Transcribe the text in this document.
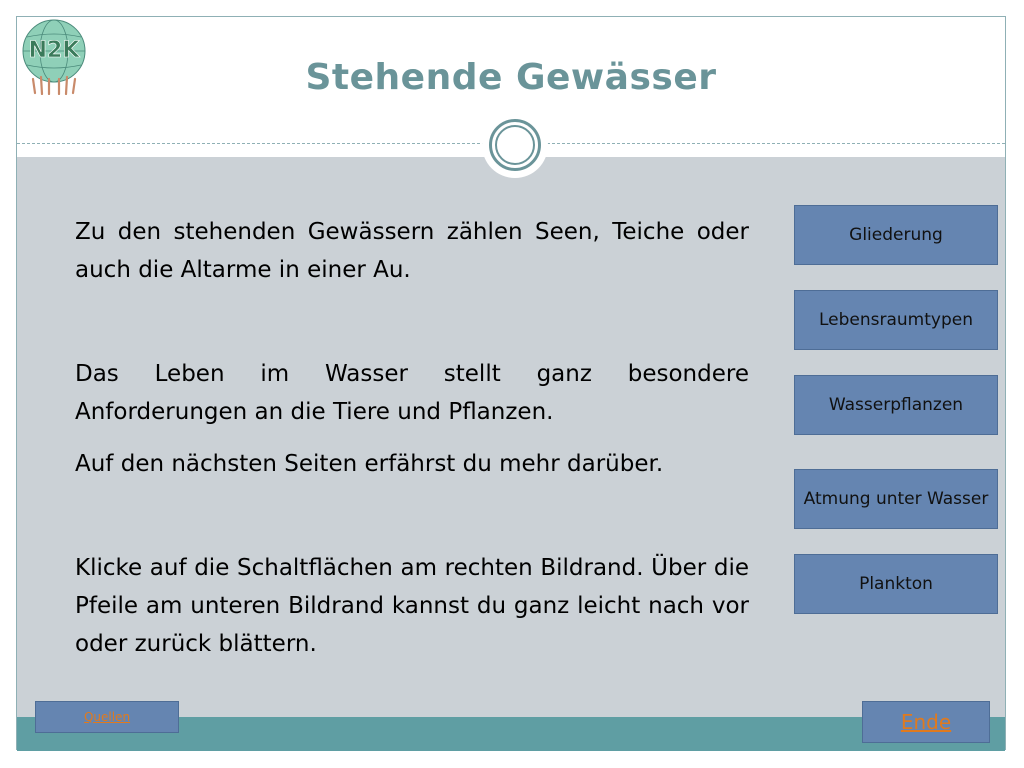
N2K
Stehende Gewässer

Zu den stehenden Gewässern zählen Seen, Teiche oder auch die Altarme in einer Au.

Das Leben im Wasser stellt ganz besondere Anforderungen an die Tiere und Pflanzen.

Auf den nächsten Seiten erfährst du mehr darüber.

Klicke auf die Schaltflächen am rechten Bildrand. Über die Pfeile am unteren Bildrand kannst du ganz leicht nach vor oder zurück blättern.

Gliederung
Lebensraumtypen
Wasserpflanzen
Atmung unter Wasser
Plankton
Quellen	Ende
